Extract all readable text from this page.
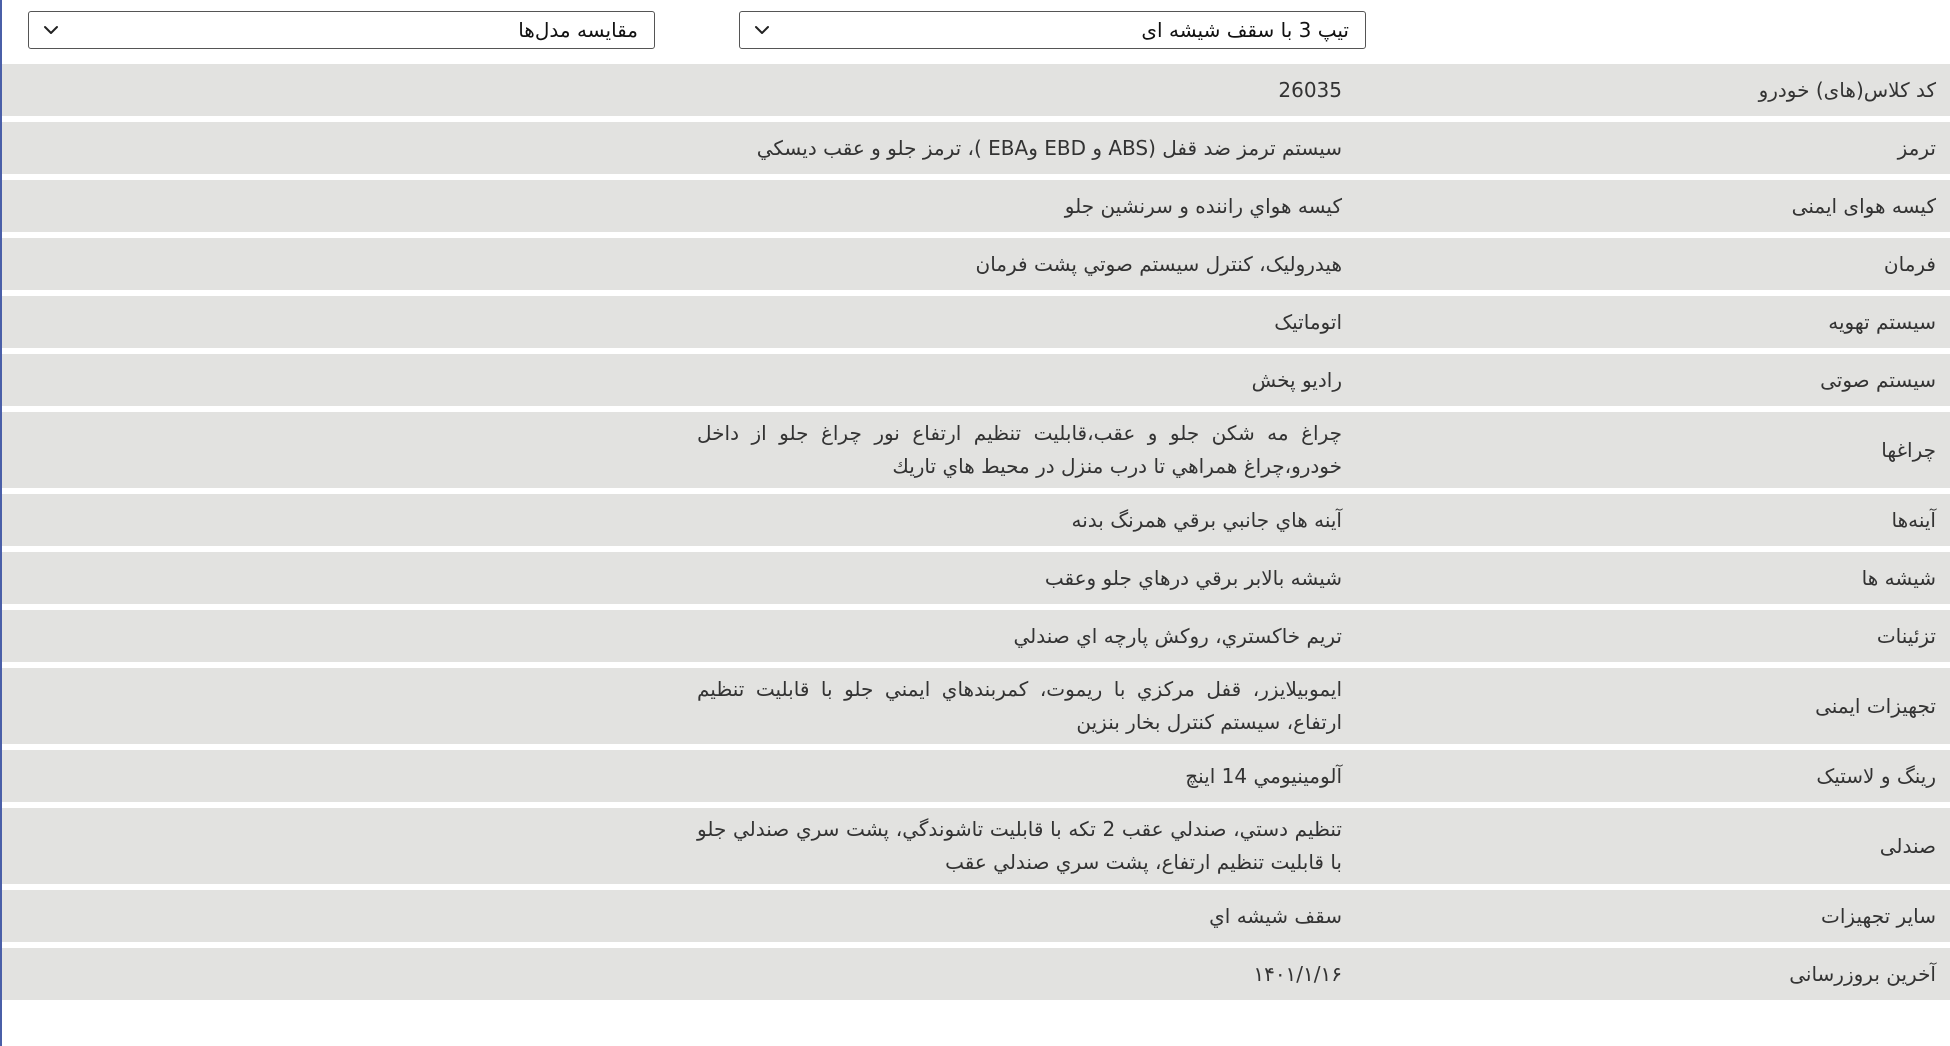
تیپ 3 با سقف شیشه ای
مقایسه مدل‌ها
کد کلاس(های) خودرو
26035
ترمز
سیستم ترمز ضد قفل (ABS و EBD وEBA )، ترمز جلو و عقب ديسكي
کیسه هوای ایمنی
كيسه هواي راننده و سرنشين جلو
فرمان
هيدروليک، كنترل سيستم صوتي پشت فرمان
سیستم تهویه
اتوماتیک
سیستم صوتی
رادیو پخش
چراغها
چراغ مه شكن جلو و عقب،قابليت تنظيم ارتفاع نور چراغ جلو از داخل خودرو،چراغ همراهي تا درب منزل در محيط هاي تاريك
آینه‌ها
آينه هاي جانبي برقي همرنگ بدنه
شیشه ها
شيشه بالابر برقي درهاي جلو وعقب
تزئینات
تريم خاكستري، روكش پارچه اي صندلي
تجهیزات ایمنی
ايموبيلايزر، قفل مركزي با ريموت، كمربندهاي ايمني جلو با قابليت تنظيم ارتفاع، سيستم كنترل بخار بنزين
رینگ و لاستیک
آلومينيومي 14 اينچ
صندلی
تنظيم دستي، صندلي عقب 2 تكه با قابليت تاشوندگي، پشت سري صندلي جلو با قابليت تنظيم ارتفاع، پشت سري صندلي عقب
سایر تجهیزات
سقف شيشه اي
آخرین بروزرسانی
۱۴۰۱/۱/۱۶
